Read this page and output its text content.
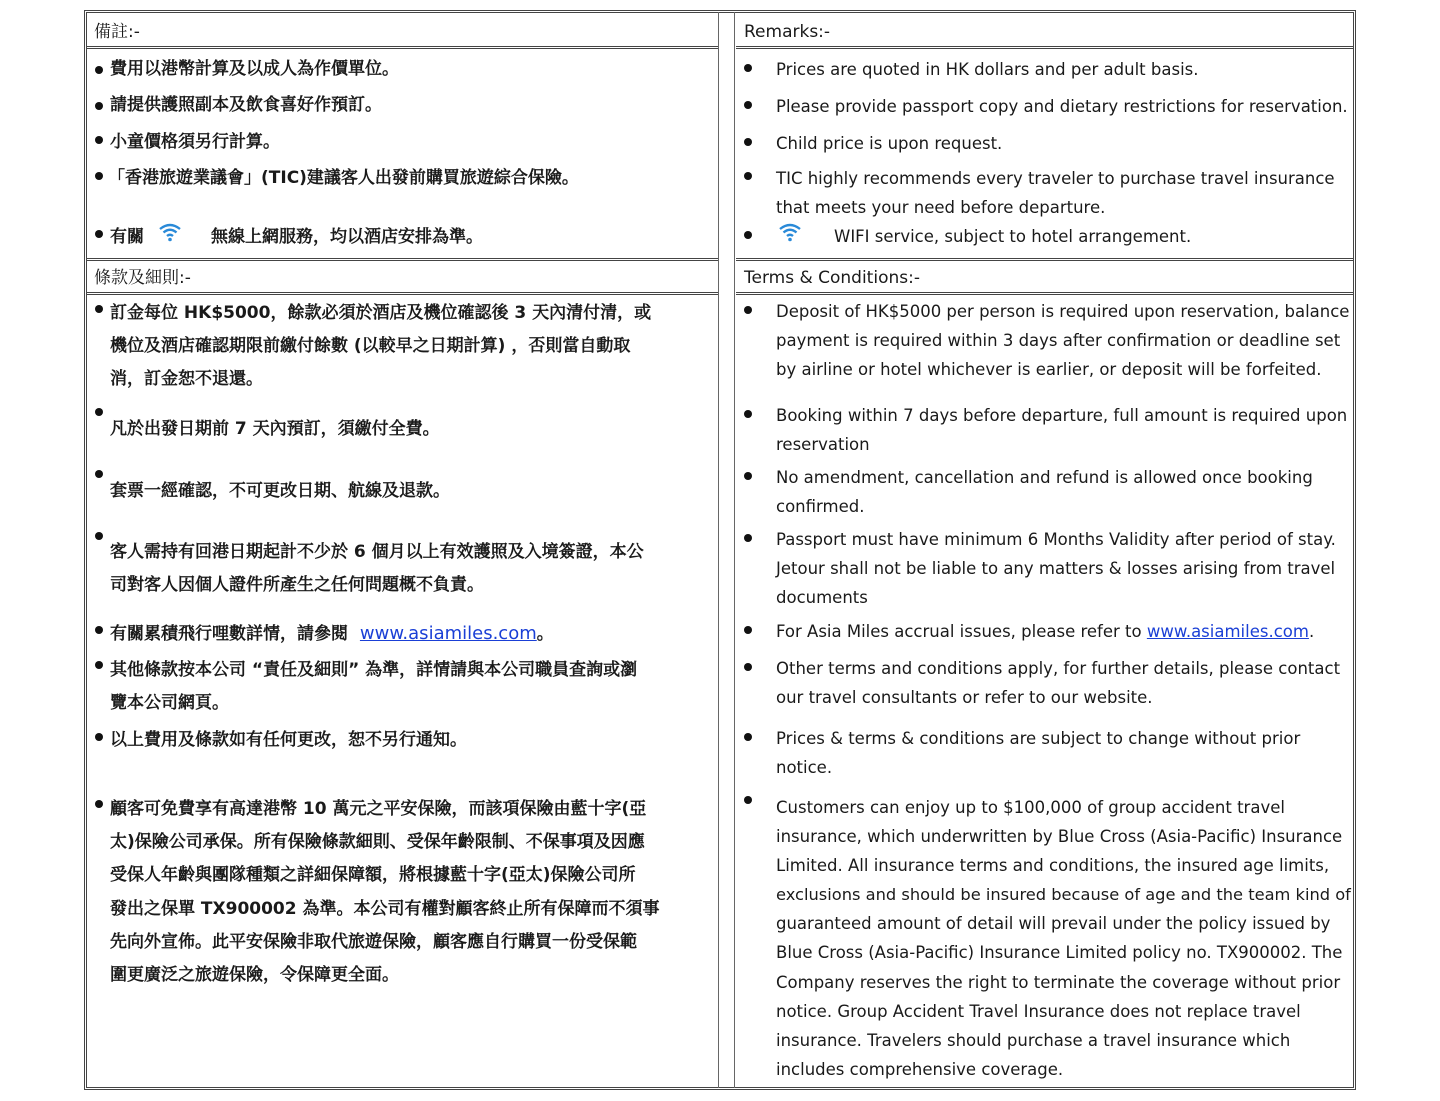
備註:-
條款及細則:-
Remarks:-
Terms & Conditions:-
費用以港幣計算及以成人為作價單位。
請提供護照副本及飲食喜好作預訂。
小童價格須另行計算。
「香港旅遊業議會」(TIC)建議客人出發前購買旅遊綜合保險。
有關	無線上網服務，均以酒店安排為準。
Prices are quoted in HK dollars and per adult basis.
Please provide passport copy and dietary restrictions for reservation.
Child price is upon request.
TIC highly recommends every traveler to purchase travel insurance
that meets your need before departure.
WIFI service, subject to hotel arrangement.
訂金每位 HK$5000，餘款必須於酒店及機位確認後 3 天內清付清，或
機位及酒店確認期限前繳付餘數 (以較早之日期計算) ，否則當自動取
消，訂金恕不退還。
凡於出發日期前 7 天內預訂，須繳付全費。
套票一經確認，不可更改日期、航線及退款。
客人需持有回港日期起計不少於 6 個月以上有效護照及入境簽證，本公
司對客人因個人證件所產生之任何問題概不負責。
有關累積飛行哩數詳情，請參閱 www.asiamiles.com。
其他條款按本公司 “責任及細則” 為準，詳情請與本公司職員查詢或瀏
覽本公司網頁。
以上費用及條款如有任何更改，恕不另行通知。
顧客可免費享有高達港幣 10 萬元之平安保險，而該項保險由藍十字(亞
太)保險公司承保。所有保險條款細則、受保年齡限制、不保事項及因應
受保人年齡與團隊種類之詳細保障額，將根據藍十字(亞太)保險公司所
發出之保單 TX900002 為準。本公司有權對顧客終止所有保障而不須事
先向外宣佈。此平安保險非取代旅遊保險，顧客應自行購買一份受保範
圍更廣泛之旅遊保險，令保障更全面。
Deposit of HK$5000 per person is required upon reservation, balance
payment is required within 3 days after confirmation or deadline set
by airline or hotel whichever is earlier, or deposit will be forfeited.
Booking within 7 days before departure, full amount is required upon
reservation
No amendment, cancellation and refund is allowed once booking
confirmed.
Passport must have minimum 6 Months Validity after period of stay.
Jetour shall not be liable to any matters & losses arising from travel
documents
For Asia Miles accrual issues, please refer to www.asiamiles.com.
Other terms and conditions apply, for further details, please contact
our travel consultants or refer to our website.
Prices & terms & conditions are subject to change without prior
notice.
Customers can enjoy up to $100,000 of group accident travel
insurance, which underwritten by Blue Cross (Asia-Pacific) Insurance
Limited. All insurance terms and conditions, the insured age limits,
exclusions and should be insured because of age and the team kind of
guaranteed amount of detail will prevail under the policy issued by
Blue Cross (Asia-Pacific) Insurance Limited policy no. TX900002. The
Company reserves the right to terminate the coverage without prior
notice. Group Accident Travel Insurance does not replace travel
insurance. Travelers should purchase a travel insurance which
includes comprehensive coverage.
